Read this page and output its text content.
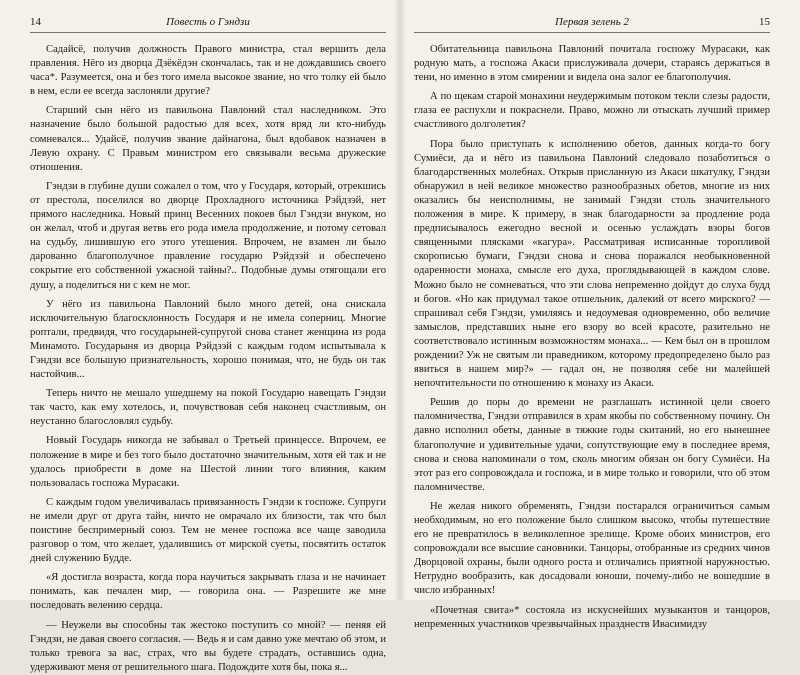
14	Повесть о Гэндзи

Садайсё, получив должность Правого министра, стал вершить дела правления. Нёго из дворца Дзёкёдэн скончалась, так и не дождавшись своего часа*. Разумеется, она и без того имела высокое звание, но что толку ей было в нем, если ее всегда заслоняли другие?

Старший сын нёго из павильона Павлоний стал наследником. Это назначение было большой радостью для всех, хотя вряд ли кто-нибудь сомневался... Удайсё, получив звание дайнагона, был вдобавок назначен в Левую охрану. С Правым министром его связывали весьма дружеские отношения.

Гэндзи в глубине души сожалел о том, что у Государя, который, отрекшись от престола, поселился во дворце Прохладного источника Рэйдзэй, нет прямого наследника. Новый принц Весенних покоев был Гэндзи внуком, но он желал, чтоб и другая ветвь его рода имела продолжение, и потому сетовал на судьбу, лишившую его этого утешения. Впрочем, не взамен ли было дарованно благополучное правление государю Рэйдзэй и обеспечено сокрытие его собственной ужасной тайны?.. Подобные думы отягощали его душу, а поделиться ни с кем не мог.

У нёго из павильона Павлоний было много детей, она снискала исключительную благосклонность Государя и не имела соперниц. Многие роптали, предвидя, что государыней-супругой снова станет женщина из рода Минамото. Государыня из дворца Рэйдзэй с каждым годом испытывала к Гэндзи все большую признательность, хорошо понимая, что, не будь он так настойчив...

Теперь ничто не мешало ушедшему на покой Государю навещать Гэндзи так часто, как ему хотелось, и, почувствовав себя наконец счастливым, он неустанно благословлял судьбу.

Новый Государь никогда не забывал о Третьей принцессе. Впрочем, ее положение в мире и без того было достаточно значительным, хотя ей так и не удалось приобрести в доме на Шестой линии того влияния, каким пользовалась госпожа Мурасаки.

С каждым годом увеличивалась привязанность Гэндзи к госпоже. Супруги не имели друг от друга тайн, ничто не омрачало их близости, так что был поистине беспримерный союз. Тем не менее госпожа все чаще заводила разговор о том, что желает, удалившись от мирской суеты, посвятить остаток дней служению Будде.

«Я достигла возраста, когда пора научиться закрывать глаза и не начинает понимать, как печален мир, — говорила она. — Разрешите же мне последовать велению сердца.

— Неужели вы способны так жестоко поступить со мной? — пеняя ей Гэндзи, не давая своего согласия. — Ведь я и сам давно уже мечтаю об этом, и только тревога за вас, страх, что вы будете страдать, оставшись одна, удерживают меня от решительного шага. Подождите хотя бы, пока я...

Первая зелень 2	15

Обитательница павильона Павлоний почитала госпожу Мурасаки, как родную мать, а госпожа Акаси прислуживала дочери, стараясь держаться в тени, но именно в этом смирении и видела она залог ее благополучия.

А по щекам старой монахини неудержимым потоком текли слезы радости, глаза ее распухли и покраснели. Право, можно ли отыскать лучший пример счастливого долголетия?

Пора было приступать к исполнению обетов, данных когда-то богу Сумиёси, да и нёго из павильона Павлоний следовало позаботиться о благодарственных молебнах. Открыв присланную из Акаси шкатулку, Гэндзи обнаружил в ней великое множество разнообразных обетов, многие из них оказались бы неисполнимы, не занимай Гэндзи столь значительного положения в мире. К примеру, в знак благодарности за продление рода предписывалось ежегодно весной и осенью услаждать взоры богов священными плясками «кагура». Рассматривая исписанные торопливой скорописью бумаги, Гэндзи снова и снова поражался необыкновенной одаренности монаха, смысле его духа, проглядывающей в каждом слове. Можно было не сомневаться, что эти слова непременно дойдут до слуха будд и богов. «Но как придумал такое отшельник, далекий от всего мирского? — спрашивал себя Гэндзи, умиляясь и недоумевая одновременно, обо величие замыслов, представших ныне его взору во всей красоте, разительно не соответствовало истинным возможностям монаха... — Кем был он в прошлом рождении? Уж не святым ли праведником, которому предопределено было раз явиться в нашем мир?» — гадал он, не позволяя себе ни малейшей непочтительности по отношению к монаху из Акаси.

Решив до поры до времени не разглашать истинной цели своего паломничества, Гэндзи отправился в храм якобы по собственному почину. Он давно исполнил обеты, данные в тяжкие годы скитаний, но его нынешнее благополучие и удивительные удачи, сопутствующие ему в последнее время, снова и снова напоминали о том, сколь многим обязан он богу Сумиёси. На этот раз его сопровождала и госпожа, и в мире только и говорили, что об этом паломничестве.

Не желая никого обременять, Гэндзи постарался ограничиться самым необходимым, но его положение было слишком высоко, чтобы путешествие его не превратилось в великолепное зрелище. Кроме обоих министров, его сопровождали все высшие сановники. Танцоры, отобранные из средних чинов Дворцовой охраны, были одного роста и отличались приятной наружностью. Нетрудно вообразить, как досадовали юноши, почему-либо не вошедшие в число избранных!

«Почетная свита»* состояла из искуснейших музыкантов и танцоров, непременных участников чрезвычайных празднеств Ивасимидзу
